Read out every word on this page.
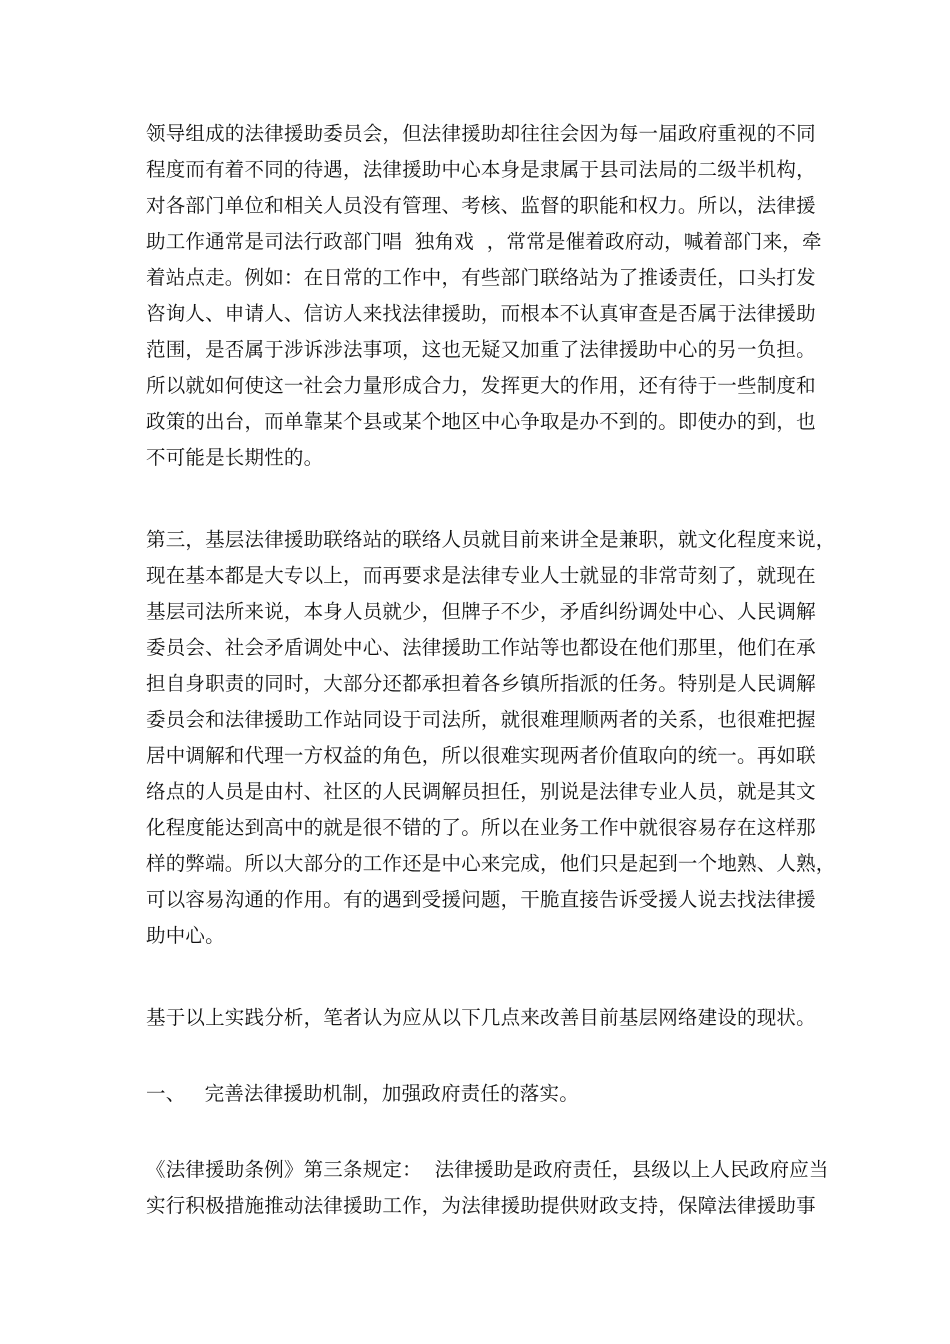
领导组成的法律援助委员会，但法律援助却往往会因为每一届政府重视的不同
程度而有着不同的待遇，法律援助中心本身是隶属于县司法局的二级半机构，
对各部门单位和相关人员没有管理、考核、监督的职能和权力。所以，法律援
助工作通常是司法行政部门唱  独角戏  ，常常是催着政府动，喊着部门来，牵
着站点走。例如：在日常的工作中，有些部门联络站为了推诿责任，口头打发
咨询人、申请人、信访人来找法律援助，而根本不认真审查是否属于法律援助
范围，是否属于涉诉涉法事项，这也无疑又加重了法律援助中心的另一负担。
所以就如何使这一社会力量形成合力，发挥更大的作用，还有待于一些制度和
政策的出台，而单靠某个县或某个地区中心争取是办不到的。即使办的到，也
不可能是长期性的。
第三，基层法律援助联络站的联络人员就目前来讲全是兼职，就文化程度来说，
现在基本都是大专以上，而再要求是法律专业人士就显的非常苛刻了，就现在
基层司法所来说，本身人员就少，但牌子不少，矛盾纠纷调处中心、人民调解
委员会、社会矛盾调处中心、法律援助工作站等也都设在他们那里，他们在承
担自身职责的同时，大部分还都承担着各乡镇所指派的任务。特别是人民调解
委员会和法律援助工作站同设于司法所，就很难理顺两者的关系，也很难把握
居中调解和代理一方权益的角色，所以很难实现两者价值取向的统一。再如联
络点的人员是由村、社区的人民调解员担任，别说是法律专业人员，就是其文
化程度能达到高中的就是很不错的了。所以在业务工作中就很容易存在这样那
样的弊端。所以大部分的工作还是中心来完成，他们只是起到一个地熟、人熟，
可以容易沟通的作用。有的遇到受援问题，干脆直接告诉受援人说去找法律援
助中心。
基于以上实践分析，笔者认为应从以下几点来改善目前基层网络建设的现状。
一、   完善法律援助机制，加强政府责任的落实。
《法律援助条例》第三条规定：  法律援助是政府责任，县级以上人民政府应当
实行积极措施推动法律援助工作，为法律援助提供财政支持，保障法律援助事
